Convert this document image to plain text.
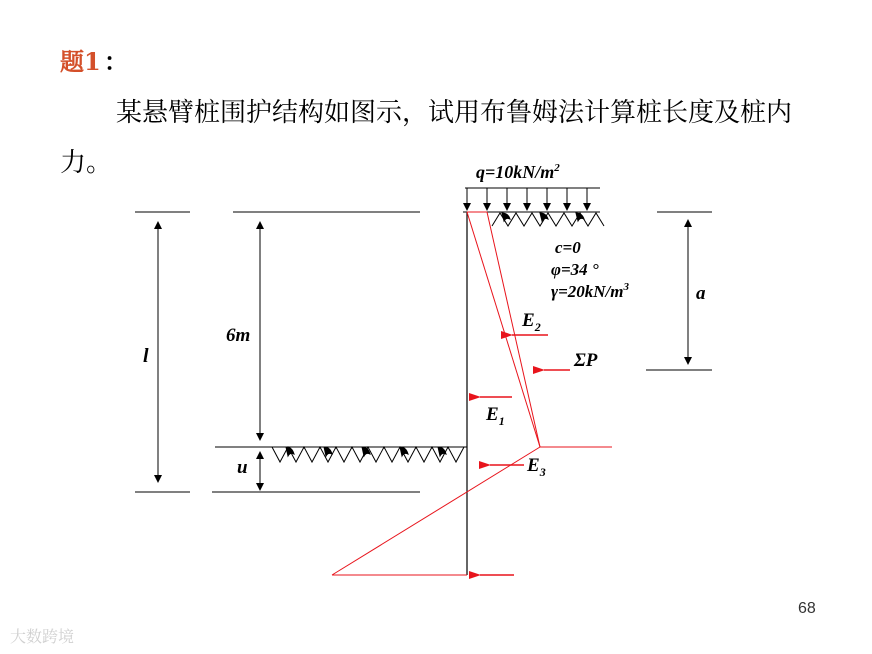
题1 ：
某悬臂桩围护结构如图示，试用布鲁姆法计算桩长度及桩内力。	$q=10kN/m^2$
c=0
φ=34 °
$\gamma=20kN/m^3$
l
6m
u
a
$E_2$
ΣP
$E_1$
$E_3$
68
大数跨境
